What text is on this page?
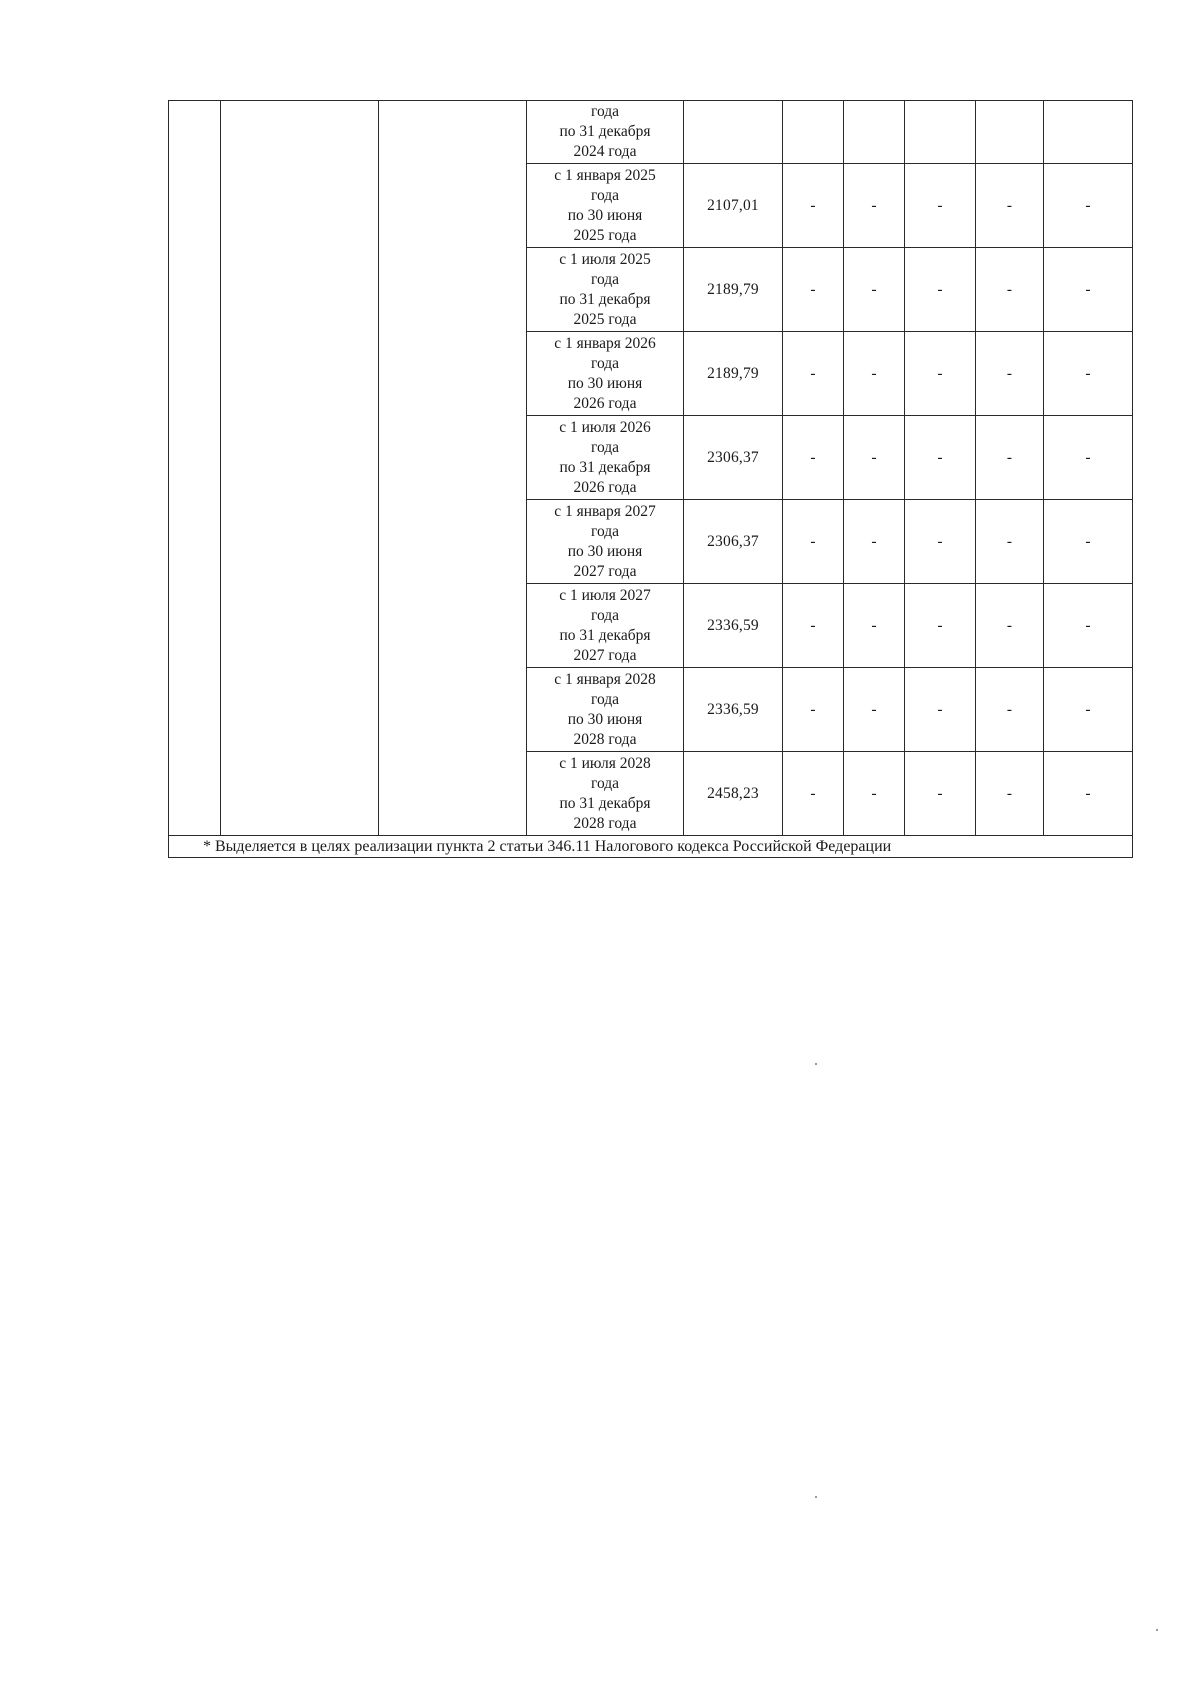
			года
по 31 декабря
2024 года						
			с 1 января 2025
года
по 30 июня
2025 года	2107,01	-	-	-	-	-
			с 1 июля 2025
года
по 31 декабря
2025 года	2189,79	-	-	-	-	-
			с 1 января 2026
года
по 30 июня
2026 года	2189,79	-	-	-	-	-
			с 1 июля 2026
года
по 31 декабря
2026 года	2306,37	-	-	-	-	-
			с 1 января 2027
года
по 30 июня
2027 года	2306,37	-	-	-	-	-
			с 1 июля 2027
года
по 31 декабря
2027 года	2336,59	-	-	-	-	-
			с 1 января 2028
года
по 30 июня
2028 года	2336,59	-	-	-	-	-
			с 1 июля 2028
года
по 31 декабря
2028 года	2458,23	-	-	-	-	-
* Выделяется в целях реализации пункта 2 статьи 346.11 Налогового кодекса Российской Федерации									
